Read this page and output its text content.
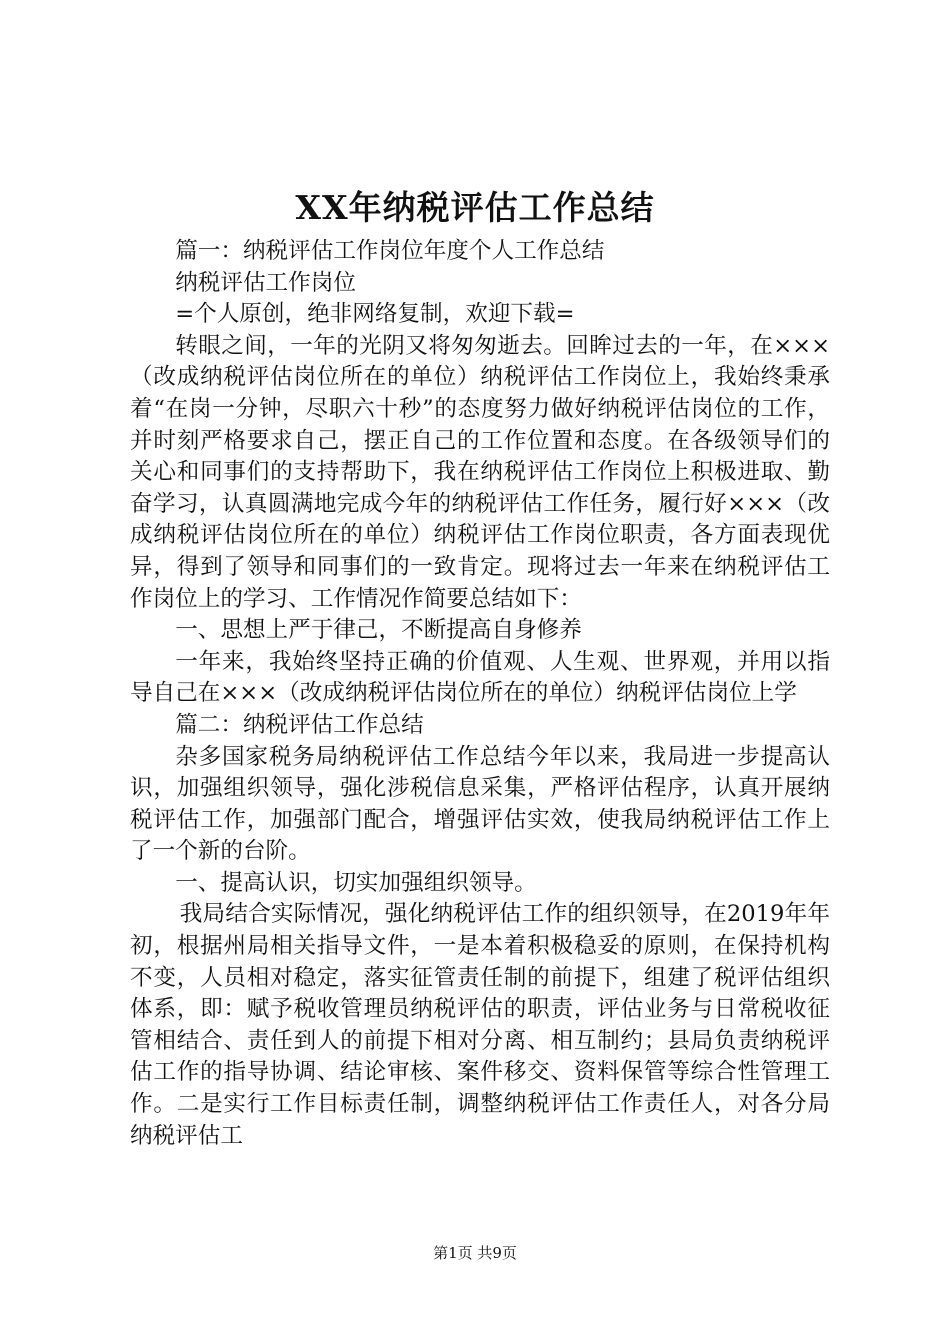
XX年纳税评估工作总结

篇一：纳税评估工作岗位年度个人工作总结

纳税评估工作岗位

=个人原创，绝非网络复制，欢迎下载=

转眼之间，一年的光阴又将匆匆逝去。回眸过去的一年，在×××（改成纳税评估岗位所在的单位）纳税评估工作岗位上，我始终秉承着“在岗一分钟，尽职六十秒”的态度努力做好纳税评估岗位的工作，并时刻严格要求自己，摆正自己的工作位置和态度。在各级领导们的关心和同事们的支持帮助下，我在纳税评估工作岗位上积极进取、勤奋学习，认真圆满地完成今年的纳税评估工作任务，履行好×××（改成纳税评估岗位所在的单位）纳税评估工作岗位职责，各方面表现优异，得到了领导和同事们的一致肯定。现将过去一年来在纳税评估工作岗位上的学习、工作情况作简要总结如下：

一、思想上严于律己，不断提高自身修养

一年来，我始终坚持正确的价值观、人生观、世界观，并用以指导自己在×××（改成纳税评估岗位所在的单位）纳税评估岗位上学

篇二：纳税评估工作总结

杂多国家税务局纳税评估工作总结今年以来，我局进一步提高认识，加强组织领导，强化涉税信息采集，严格评估程序，认真开展纳税评估工作，加强部门配合，增强评估实效，使我局纳税评估工作上了一个新的台阶。

一、提高认识，切实加强组织领导。

我局结合实际情况，强化纳税评估工作的组织领导，在2019年年初，根据州局相关指导文件，一是本着积极稳妥的原则，在保持机构不变，人员相对稳定，落实征管责任制的前提下，组建了税评估组织体系，即：赋予税收管理员纳税评估的职责，评估业务与日常税收征管相结合、责任到人的前提下相对分离、相互制约；县局负责纳税评估工作的指导协调、结论审核、案件移交、资料保管等综合性管理工作。二是实行工作目标责任制，调整纳税评估工作责任人，对各分局纳税评估工

第1页 共9页
